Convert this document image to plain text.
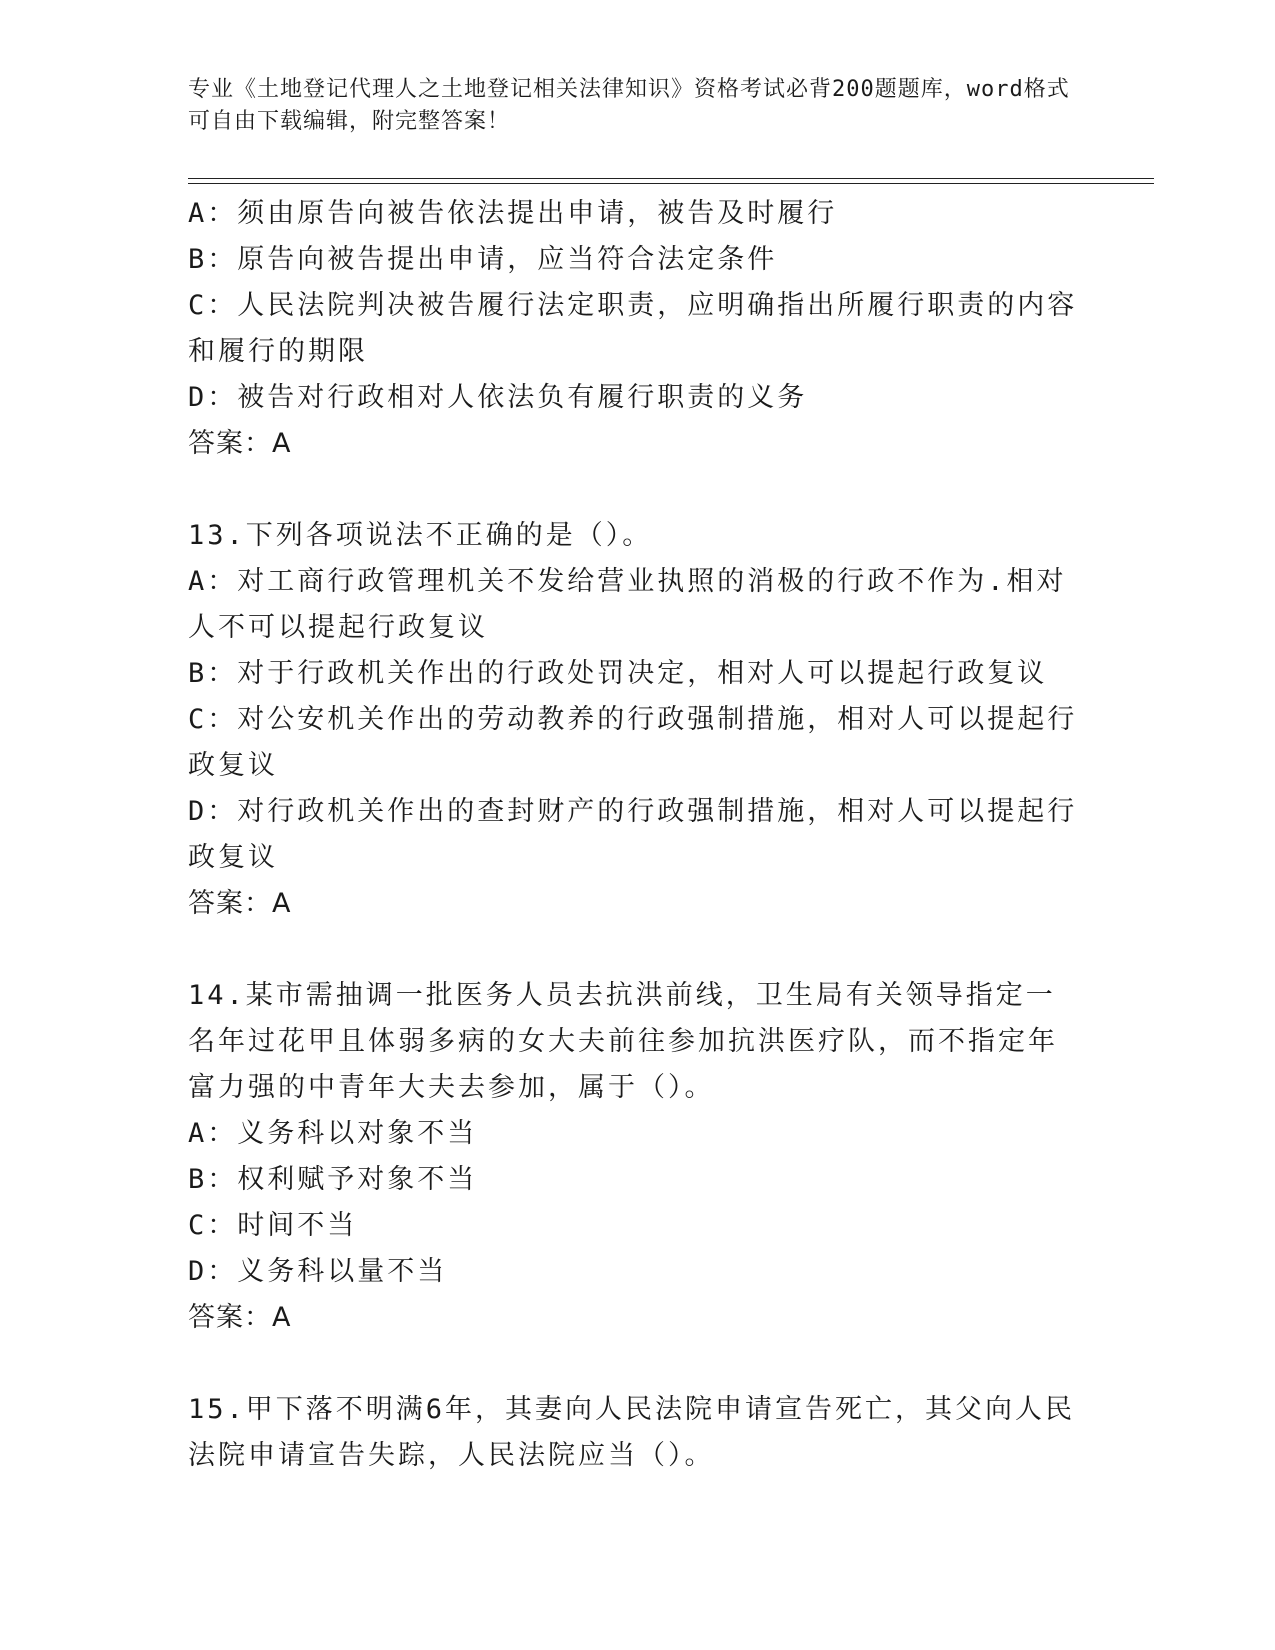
专业《土地登记代理人之土地登记相关法律知识》资格考试必背200题题库，word格式可自由下载编辑，附完整答案！

A：须由原告向被告依法提出申请，被告及时履行

B：原告向被告提出申请，应当符合法定条件

C：人民法院判决被告履行法定职责，应明确指出所履行职责的内容和履行的期限

D：被告对行政相对人依法负有履行职责的义务

答案：A

13.下列各项说法不正确的是（）。

A：对工商行政管理机关不发给营业执照的消极的行政不作为.相对人不可以提起行政复议

B：对于行政机关作出的行政处罚决定，相对人可以提起行政复议

C：对公安机关作出的劳动教养的行政强制措施，相对人可以提起行政复议

D：对行政机关作出的查封财产的行政强制措施，相对人可以提起行政复议

答案：A

14.某市需抽调一批医务人员去抗洪前线，卫生局有关领导指定一名年过花甲且体弱多病的女大夫前往参加抗洪医疗队，而不指定年富力强的中青年大夫去参加，属于（）。

A：义务科以对象不当

B：权利赋予对象不当

C：时间不当

D：义务科以量不当

答案：A

15.甲下落不明满6年，其妻向人民法院申请宣告死亡，其父向人民法院申请宣告失踪，人民法院应当（）。
